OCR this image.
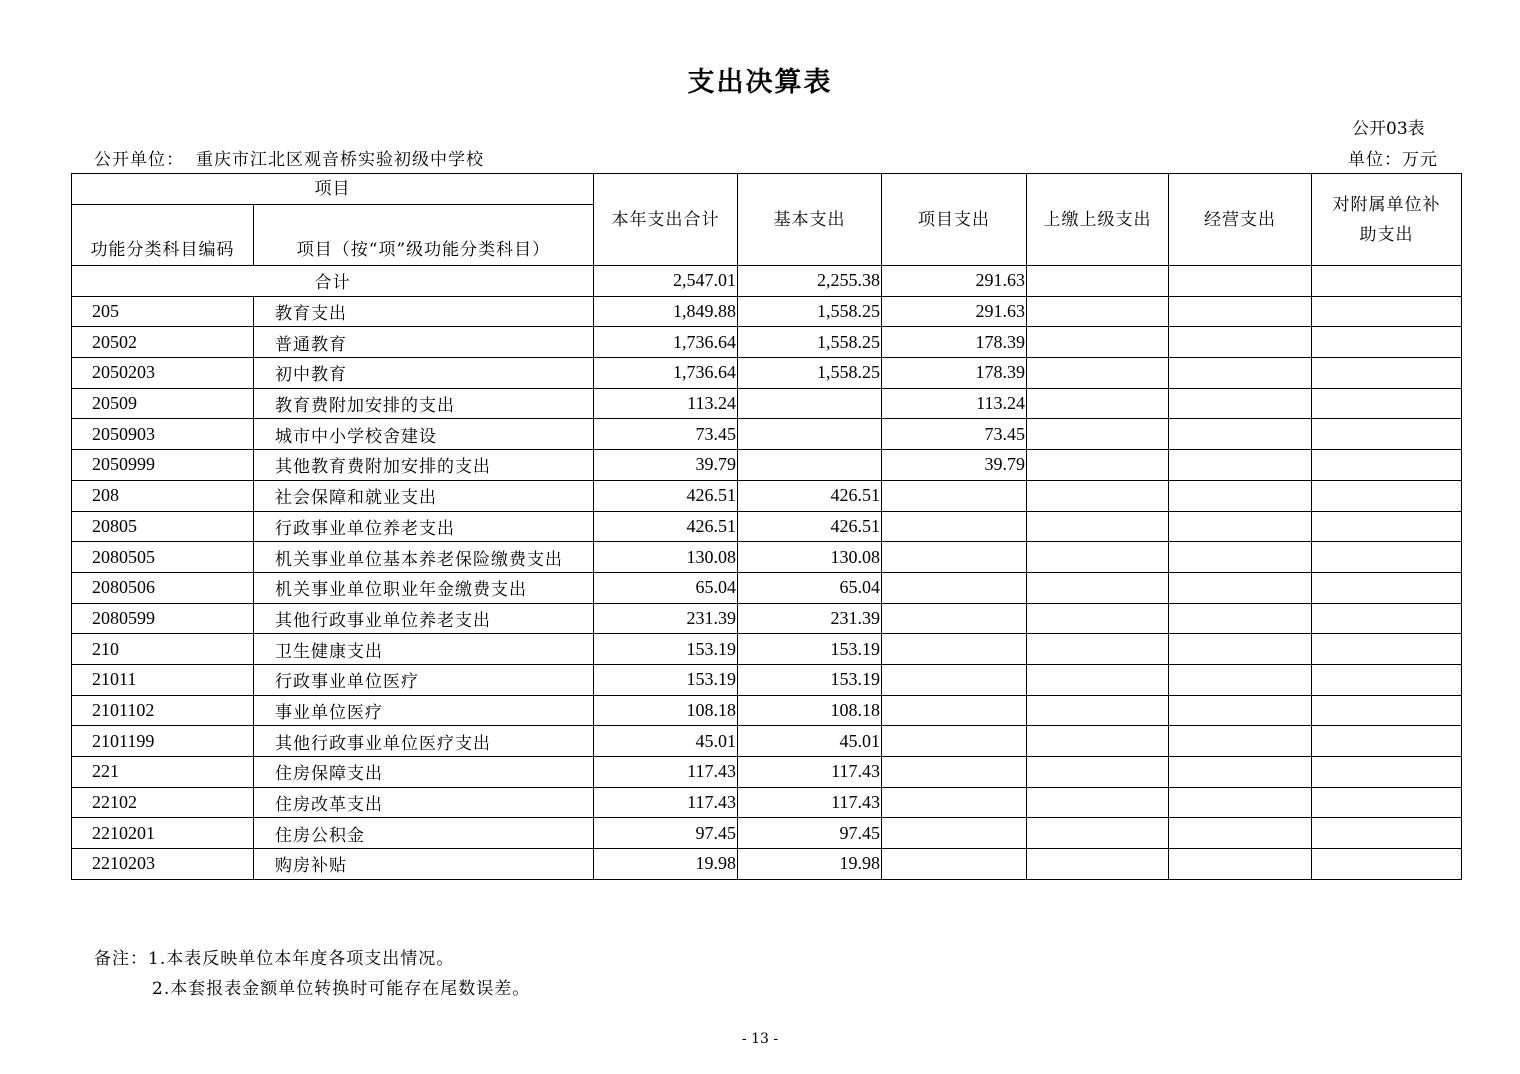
支出决算表
公开03表
公开单位： 重庆市江北区观音桥实验初级中学校	单位：万元
项目		本年支出合计	基本支出	项目支出	上缴上级支出	经营支出	对附属单位补助支出
功能分类科目编码	项目（按“项”级功能分类科目）						
合计		2,547.01	2,255.38	291.63			
205	教育支出	1,849.88	1,558.25	291.63			
20502	普通教育	1,736.64	1,558.25	178.39			
2050203	初中教育	1,736.64	1,558.25	178.39			
20509	教育费附加安排的支出	113.24		113.24			
2050903	城市中小学校舍建设	73.45		73.45			
2050999	其他教育费附加安排的支出	39.79		39.79			
208	社会保障和就业支出	426.51	426.51				
20805	行政事业单位养老支出	426.51	426.51				
2080505	机关事业单位基本养老保险缴费支出	130.08	130.08				
2080506	机关事业单位职业年金缴费支出	65.04	65.04				
2080599	其他行政事业单位养老支出	231.39	231.39				
210	卫生健康支出	153.19	153.19				
21011	行政事业单位医疗	153.19	153.19				
2101102	事业单位医疗	108.18	108.18				
2101199	其他行政事业单位医疗支出	45.01	45.01				
221	住房保障支出	117.43	117.43				
22102	住房改革支出	117.43	117.43				
2210201	住房公积金	97.45	97.45				
2210203	购房补贴	19.98	19.98				
备注：1.本表反映单位本年度各项支出情况。
2.本套报表金额单位转换时可能存在尾数误差。
- 13 -
